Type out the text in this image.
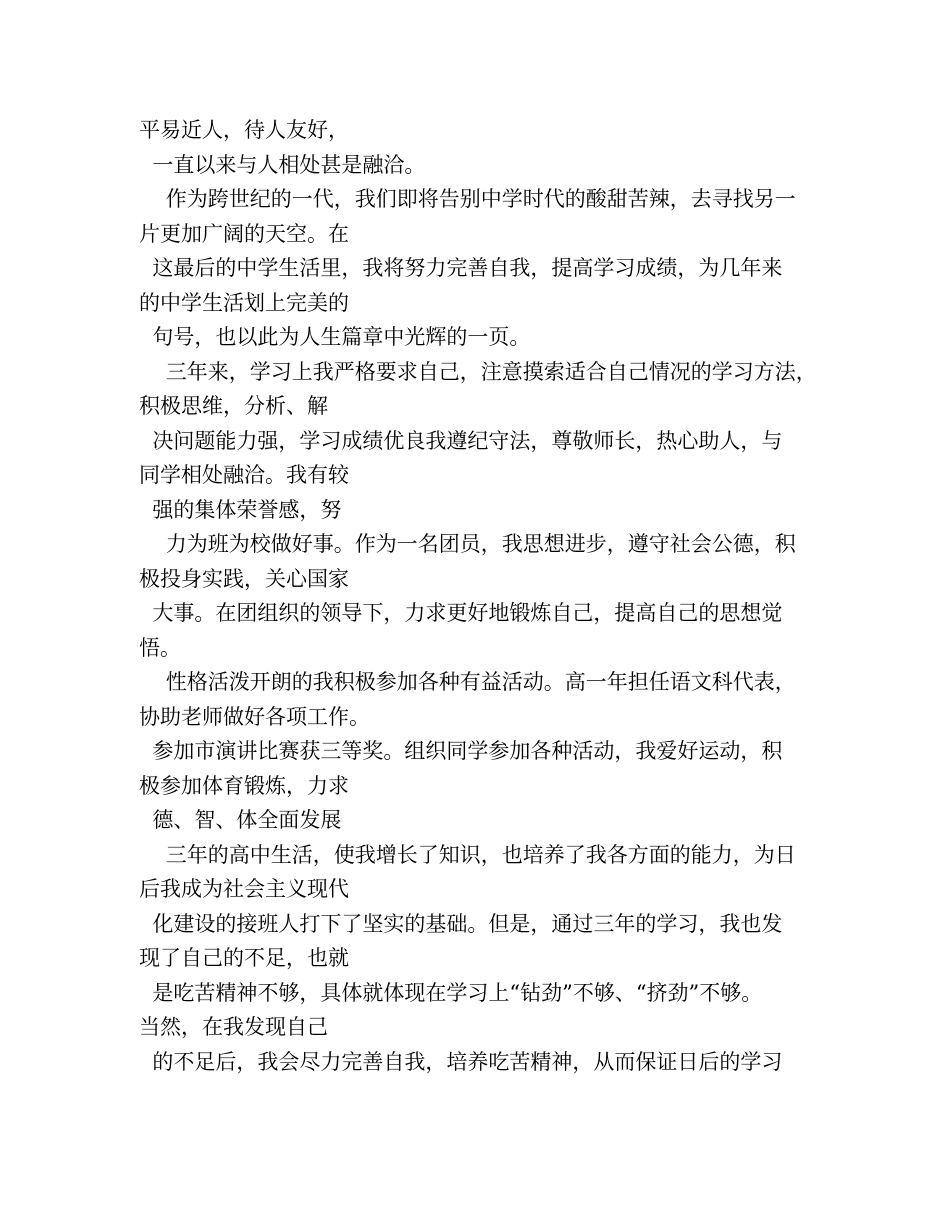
平易近人，待人友好，
一直以来与人相处甚是融洽。
作为跨世纪的一代，我们即将告别中学时代的酸甜苦辣，去寻找另一
片更加广阔的天空。在
这最后的中学生活里，我将努力完善自我，提高学习成绩，为几年来
的中学生活划上完美的
句号，也以此为人生篇章中光辉的一页。
三年来，学习上我严格要求自己，注意摸索适合自己情况的学习方法，
积极思维，分析、解
决问题能力强，学习成绩优良我遵纪守法，尊敬师长，热心助人，与
同学相处融洽。我有较
强的集体荣誉感，努
力为班为校做好事。作为一名团员，我思想进步，遵守社会公德，积
极投身实践，关心国家
大事。在团组织的领导下，力求更好地锻炼自己，提高自己的思想觉
悟。
性格活泼开朗的我积极参加各种有益活动。高一年担任语文科代表，
协助老师做好各项工作。
参加市演讲比赛获三等奖。组织同学参加各种活动，我爱好运动，积
极参加体育锻炼，力求
德、智、体全面发展
三年的高中生活，使我增长了知识，也培养了我各方面的能力，为日
后我成为社会主义现代
化建设的接班人打下了坚实的基础。但是，通过三年的学习，我也发
现了自己的不足，也就
是吃苦精神不够，具体就体现在学习上“钻劲”不够、“挤劲”不够。
当然，在我发现自己
的不足后，我会尽力完善自我，培养吃苦精神，从而保证日后的学习
